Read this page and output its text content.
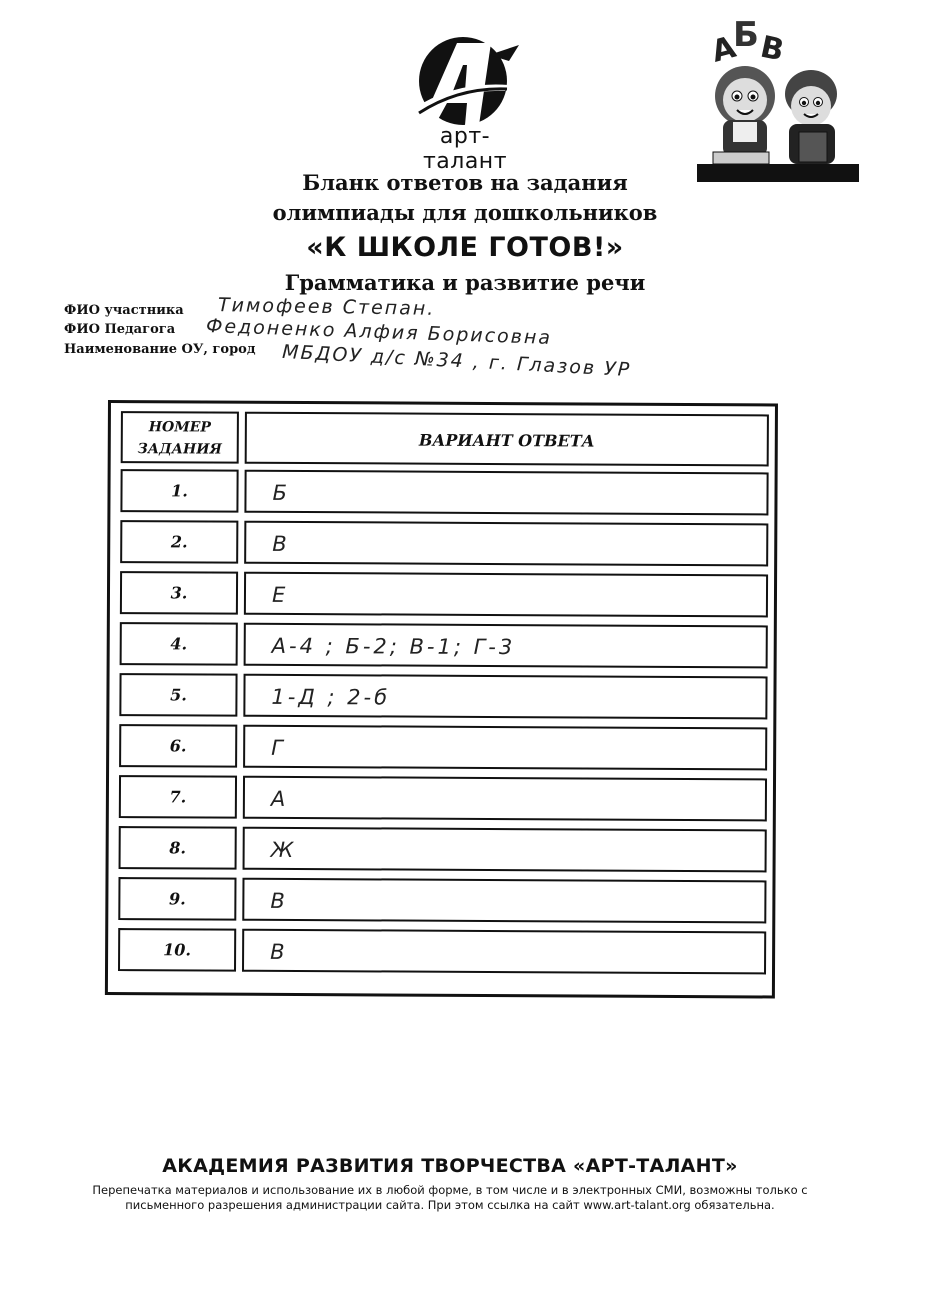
арт-талант
А
Б
В
Бланк ответов на задания
олимпиады для дошкольников
«К ШКОЛЕ ГОТОВ!»
Грамматика и развитие речи
ФИО участника Тимофеев Степан.
ФИО Педагога Федоненко Алфия Борисовна
Наименование ОУ, город МБДОУ д/с №34 , г. Глазов УР
НОМЕР
ЗАДАНИЯ	ВАРИАНТ ОТВЕТА
1.	Б
2.	В
3.	Е
4.	А-4 ; Б-2; В-1; Г-3
5.	1-Д ; 2-б
6.	Г
7.	А
8.	Ж
9.	В
10.	В
АКАДЕМИЯ РАЗВИТИЯ ТВОРЧЕСТВА «АРТ-ТАЛАНТ»
Перепечатка материалов и использование их в любой форме, в том числе и в электронных СМИ, возможны только с письменного разрешения администрации сайта. При этом ссылка на сайт www.art-talant.org обязательна.
